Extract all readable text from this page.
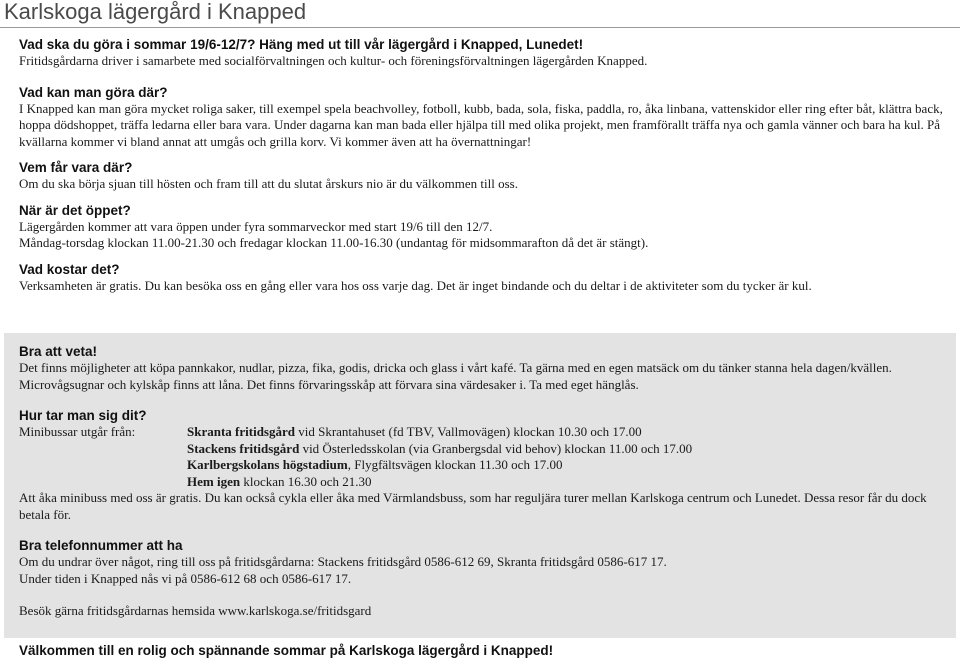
Karlskoga lägergård i Knapped
Vad ska du göra i sommar 19/6-12/7? Häng med ut till vår lägergård i Knapped, Lunedet!

Fritidsgårdarna driver i samarbete med socialförvaltningen och kultur- och föreningsförvaltningen lägergården Knapped.

Vad kan man göra där?

I Knapped kan man göra mycket roliga saker, till exempel spela beachvolley, fotboll, kubb, bada, sola, fiska, paddla, ro, åka linbana, vattenskidor eller ring efter båt, klättra back, hoppa dödshoppet, träffa ledarna eller bara vara. Under dagarna kan man bada eller hjälpa till med olika projekt, men framförallt träffa nya och gamla vänner och bara ha kul. På kvällarna kommer vi bland annat att umgås och grilla korv. Vi kommer även att ha övernattningar!

Vem får vara där?

Om du ska börja sjuan till hösten och fram till att du slutat årskurs nio är du välkommen till oss.

När är det öppet?

Lägergården kommer att vara öppen under fyra sommarveckor med start 19/6 till den 12/7.

Måndag-torsdag klockan 11.00-21.30 och fredagar klockan 11.00-16.30 (undantag för midsommarafton då det är stängt).

Vad kostar det?

Verksamheten är gratis. Du kan besöka oss en gång eller vara hos oss varje dag. Det är inget bindande och du deltar i de aktiviteter som du tycker är kul.

Bra att veta!

Det finns möjligheter att köpa pannkakor, nudlar, pizza, fika, godis, dricka och glass i vårt kafé. Ta gärna med en egen matsäck om du tänker stanna hela dagen/kvällen. Microvågsugnar och kylskåp finns att låna. Det finns förvaringsskåp att förvara sina värdesaker i. Ta med eget hänglås.

Hur tar man sig dit?
Minibussar utgår från:	Skranta fritidsgård vid Skrantahuset (fd TBV, Vallmovägen) klockan 10.30 och 17.00
	Stackens fritidsgård vid Österledsskolan (via Granbergsdal vid behov) klockan 11.00 och 17.00
	Karlbergskolans högstadium, Flygfältsvägen klockan 11.30 och 17.00
	Hem igen klockan 16.30 och 21.30

Att åka minibuss med oss är gratis. Du kan också cykla eller åka med Värmlandsbuss, som har reguljära turer mellan Karlskoga centrum och Lunedet. Dessa resor får du dock betala för.

Bra telefonnummer att ha

Om du undrar över något, ring till oss på fritidsgårdarna: Stackens fritidsgård 0586-612 69, Skranta fritidsgård 0586-617 17.

Under tiden i Knapped nås vi på 0586-612 68 och 0586-617 17.

Besök gärna fritidsgårdarnas hemsida www.karlskoga.se/fritidsgard

Välkommen till en rolig och spännande sommar på Karlskoga lägergård i Knapped!
